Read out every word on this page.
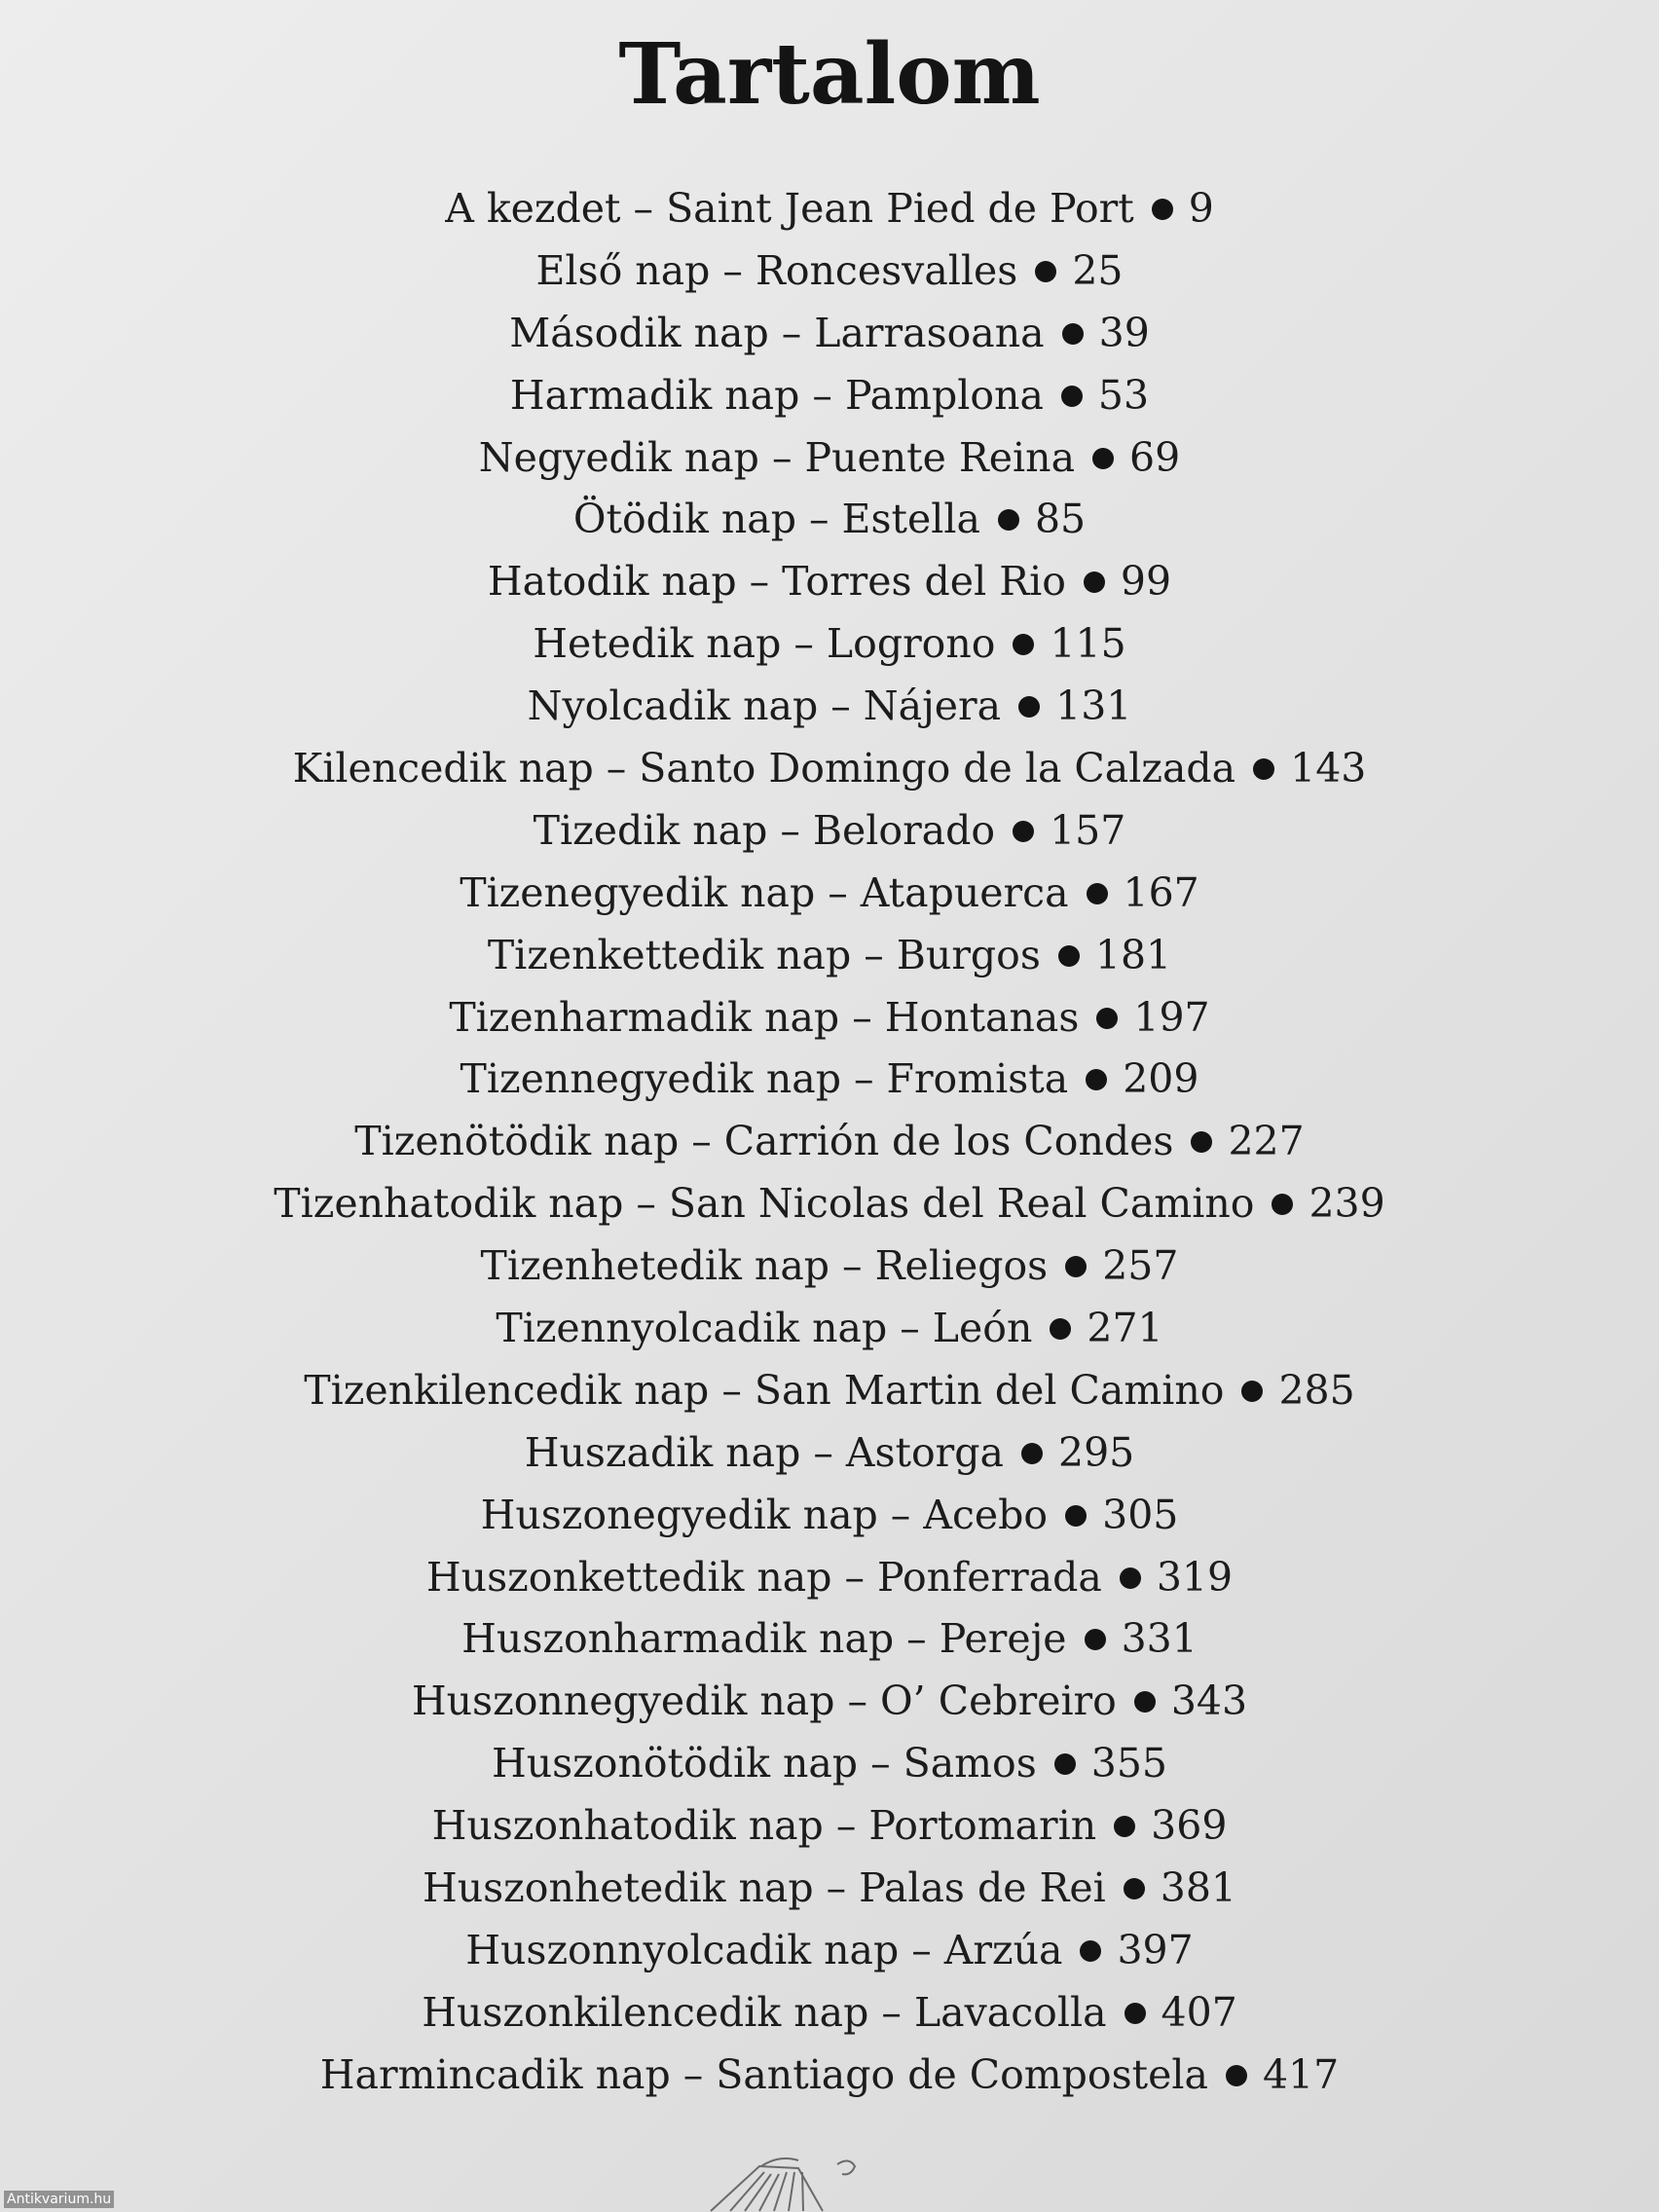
Tartalom
A kezdet – Saint Jean Pied de Port 9
Első nap – Roncesvalles 25
Második nap – Larrasoana 39
Harmadik nap – Pamplona 53
Negyedik nap – Puente Reina 69
Ötödik nap – Estella 85
Hatodik nap – Torres del Rio 99
Hetedik nap – Logrono 115
Nyolcadik nap – Nájera 131
Kilencedik nap – Santo Domingo de la Calzada 143
Tizedik nap – Belorado 157
Tizenegyedik nap – Atapuerca 167
Tizenkettedik nap – Burgos 181
Tizenharmadik nap – Hontanas 197
Tizennegyedik nap – Fromista 209
Tizenötödik nap – Carrión de los Condes 227
Tizenhatodik nap – San Nicolas del Real Camino 239
Tizenhetedik nap – Reliegos 257
Tizennyolcadik nap – León 271
Tizenkilencedik nap – San Martin del Camino 285
Huszadik nap – Astorga 295
Huszonegyedik nap – Acebo 305
Huszonkettedik nap – Ponferrada 319
Huszonharmadik nap – Pereje 331
Huszonnegyedik nap – O’ Cebreiro 343
Huszonötödik nap – Samos 355
Huszonhatodik nap – Portomarin 369
Huszonhetedik nap – Palas de Rei 381
Huszonnyolcadik nap – Arzúa 397
Huszonkilencedik nap – Lavacolla 407
Harmincadik nap – Santiago de Compostela 417
Antikvarium.hu
